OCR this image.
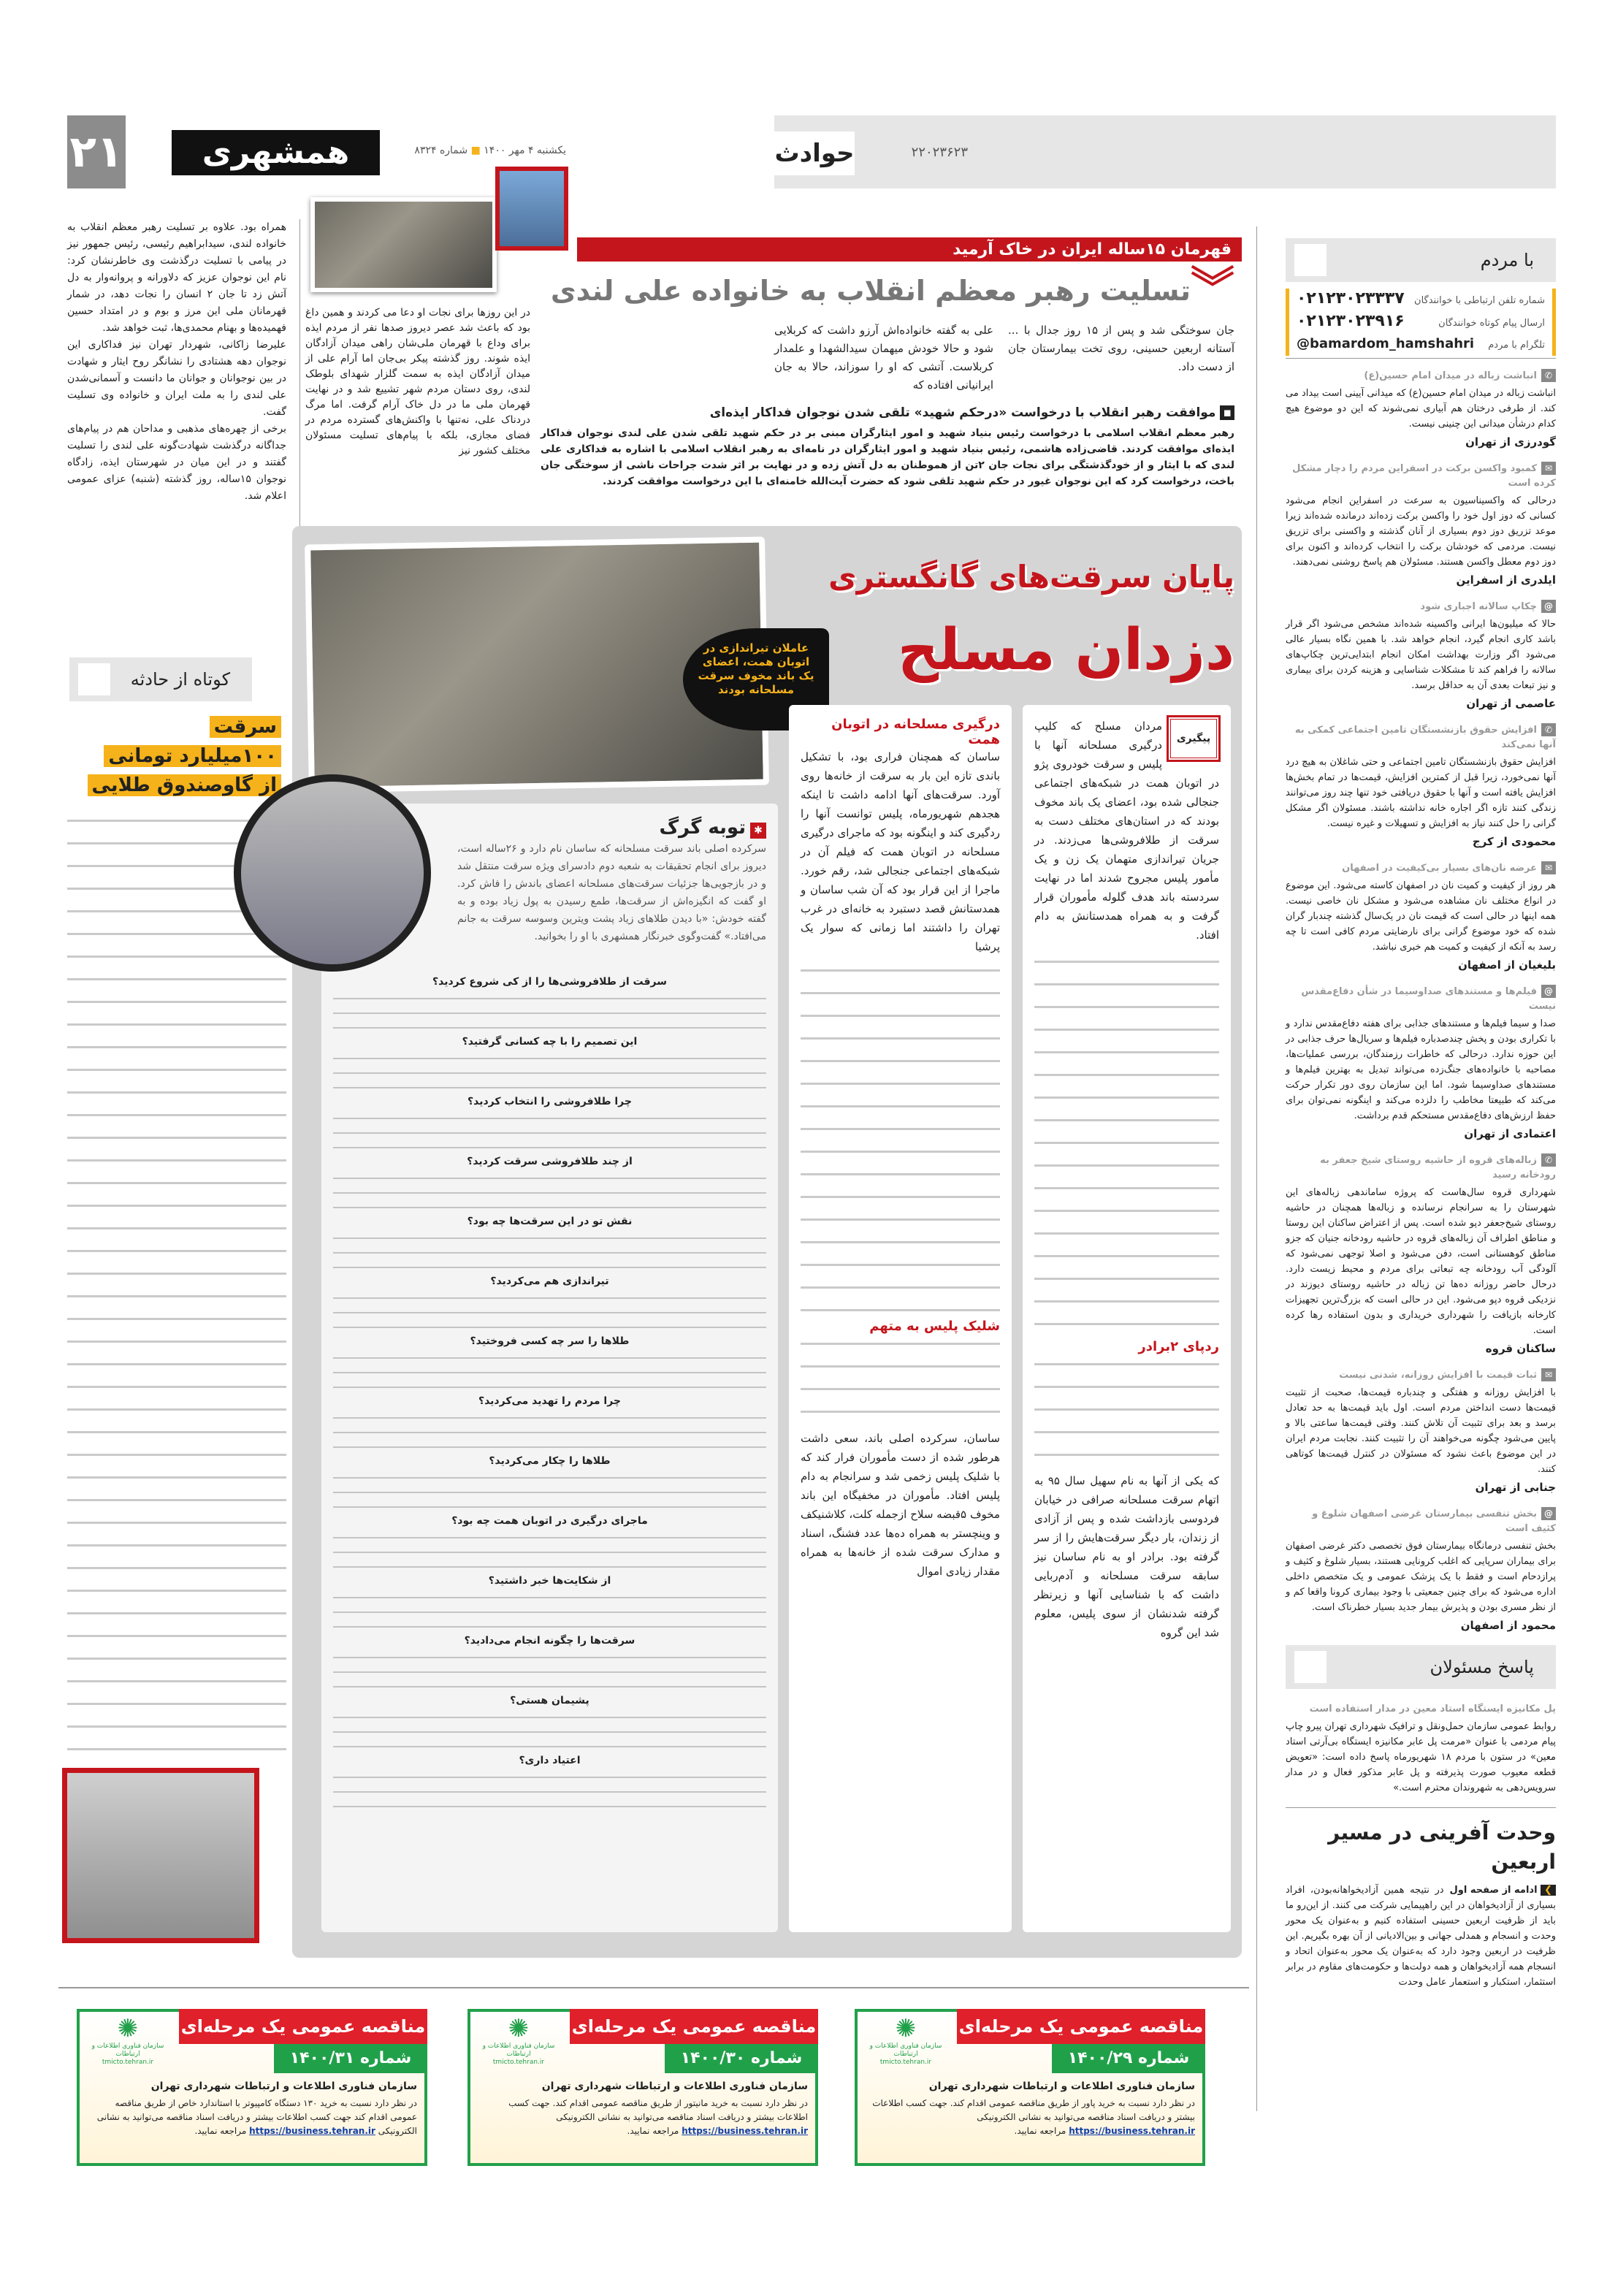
۲۱	همشهری	یکشنبه ۴ مهر ۱۴۰۰ ■ شماره ۸۳۲۴	حوادث	۲۲۰۲۳۶۲۳
قهرمان ۱۵ساله ایران در خاک آرمید
︾
تسلیت رهبر معظم انقلاب به خانواده علی لندی
جان سوختگی شد و پس از ۱۵ روز جدال با ... آستانه اربعین حسینی، روی تخت بیمارستان جان از دست داد.
علی به گفته خانواده‌اش آرزو داشت که کربلایی شود و حالا خودش میهمان سیدالشهدا و علمدار کربلاست. آتشی که او را سوزاند، حالا به جان ایرانیانی افتاده که
▪موافقت رهبر انقلاب با درخواست «درحکم شهید» تلقی شدن نوجوان فداکار ایذه‌ای
رهبر معظم انقلاب اسلامی با درخواست رئیس بنیاد شهید و امور ایثارگران مبنی بر در حکم شهید تلقی شدن علی لندی نوجوان فداکار ایذه‌ای موافقت کردند. قاضی‌زاده هاشمی، رئیس بنیاد شهید و امور ایثارگران در نامه‌ای به رهبر انقلاب اسلامی با اشاره به فداکاری علی لندی که با ایثار و از خودگذشتگی برای نجات جان ۲تن از هموطنان به دل آتش زده و در نهایت بر اثر شدت جراحات ناشی از سوختگی جان باخت، درخواست کرد که این نوجوان غیور در حکم شهید تلقی شود که حضرت آیت‌الله خامنه‌ای با این درخواست موافقت کردند.
در این روزها برای نجات او دعا می کردند و همین داغ بود که باعث شد عصر دیروز صدها نفر از مردم ایذه برای وداع با قهرمان ملی‌شان راهی میدان آزادگان ایذه شوند. روز گذشته پیکر بی‌جان اما آرام علی از میدان آزادگان ایذه به سمت گلزار شهدای بلوطک لندی، روی دستان مردم شهر تشییع شد و در نهایت قهرمان ملی ما در دل خاک آرام گرفت. اما مرگ دردناک علی، نه‌تنها با واکنش‌های گسترده مردم در فضای مجازی، بلکه با پیام‌های تسلیت مسئولان مختلف کشور نیز

همراه بود. علاوه بر تسلیت رهبر معظم انقلاب به خانواده لندی، سیدابراهیم رئیسی، رئیس جمهور نیز در پیامی با تسلیت درگذشت وی خاطرنشان کرد: نام این نوجوان عزیز که دلاورانه و پروانه‌وار به دل آتش زد تا جان ۲ انسان را نجات دهد، در شمار قهرمانان ملی این مرز و بوم و در امتداد حسین فهمیده‌ها و بهنام محمدی‌ها، ثبت خواهد شد.

علیرضا زاکانی، شهردار تهران نیز فداکاری این نوجوان دهه هشتادی را نشانگر روح ایثار و شهادت در بین نوجوانان و جوانان ما دانست و آسمانی‌شدن علی لندی را به ملت ایران و خانواده وی تسلیت گفت.

برخی از چهره‌های مذهبی و مداحان هم در پیام‌های جداگانه درگذشت شهادت‌گونه علی لندی را تسلیت گفتند و در این میان در شهرستان ایذه، زادگاه نوجوان ۱۵ساله، روز گذشته (شنبه) عزای عمومی اعلام شد.

کوتاه از حادثه
سرقت
۱۰۰میلیارد تومانی
از گاوصندوق طلایی
عاملان تیراندازی در اتوبان همت، اعضای یک باند مخوف سرقت مسلحانه بودند
پایان سرقت‌های گانگستری
دزدان مسلح
پیگیری

مردان مسلح که کلیپ درگیری مسلحانه آنها با پلیس و سرقت خودروی پژو در اتوبان همت در شبکه‌های اجتماعی جنجالی شده بود، اعضای یک باند مخوف بودند که در استان‌های مختلف دست به سرقت از طلافروشی‌ها می‌زدند. در جریان تیراندازی متهمان یک زن و یک مأمور پلیس مجروح شدند اما در نهایت سردسته باند هدف گلوله مأموران قرار گرفت و به همراه همدستانش به دام افتاد.

ردپای ۲برادر

که یکی از آنها به نام سهیل سال ۹۵ به اتهام سرقت مسلحانه صرافی در خیابان فردوسی بازداشت شده و پس از آزادی از زندان، بار دیگر سرقت‌هایش را از سر گرفته بود. برادر او به نام ساسان نیز سابقه سرقت مسلحانه و آدم‌ربایی داشت که با شناسایی آنها و زیرنظر گرفته شدنشان از سوی پلیس، معلوم شد این گروه

درگیری مسلحانه در اتوبان همت

ساسان که همچنان فراری بود، با تشکیل باندی تازه این بار به سرقت از خانه‌ها روی آورد. سرقت‌های آنها ادامه داشت تا اینکه هجدهم شهریورماه، پلیس توانست آنها را ردگیری کند و اینگونه بود که ماجرای درگیری مسلحانه در اتوبان همت که فیلم آن در شبکه‌های اجتماعی جنجالی شد، رقم خورد. ماجرا از این قرار بود که آن شب ساسان و همدستانش قصد دستبرد به خانه‌ای در غرب تهران را داشتند اما زمانی که سوار یک پرشیا

شلیک پلیس به متهم

ساسان، سرکرده اصلی باند، سعی داشت هرطور شده از دست مأموران فرار کند که با شلیک پلیس زخمی شد و سرانجام به دام پلیس افتاد. مأموران در مخفیگاه این باند مخوف ۵قبضه سلاح ازجمله کلت، کلاشنیکف و وینچستر به همراه ده‌ها عدد فشنگ، اسناد و مدارک سرقت شده از خانه‌ها به همراه مقدار زیادی اموال

✱توبه گرگ

سرکرده اصلی باند سرقت مسلحانه که ساسان نام دارد و ۲۶ساله است، دیروز برای انجام تحقیقات به شعبه دوم دادسرای ویژه سرقت منتقل شد و در بازجویی‌ها جزئیات سرقت‌های مسلحانه اعضای باندش را فاش کرد. او گفت که انگیزه‌اش از سرقت‌ها، طمع رسیدن به پول زیاد بوده و به گفته خودش: «با دیدن طلاهای زیاد پشت ویترین وسوسه سرقت به جانم می‌افتاد.» گفت‌وگوی خبرنگار همشهری با او را بخوانید.

سرقت از طلافروشی‌ها را از کی شروع کردید؟
این تصمیم را با چه کسانی گرفتید؟
چرا طلافروشی را انتخاب کردید؟
از چند طلافروشی سرقت کردید؟
نقش تو در این سرقت‌ها چه بود؟
تیراندازی هم می‌کردید؟
طلاها را سر چه کسی فروختید؟
چرا مردم را تهدید می‌کردید؟
طلاها را چکار می‌کردید؟
ماجرای درگیری در اتوبان همت چه بود؟
از شکایت‌ها خبر داشتید؟
سرقت‌ها را چگونه انجام می‌دادید؟
پشیمان هستی؟
اعتیاد داری؟
با مردم
شماره تلفن ارتباطی با خوانندگان
۰۲۱۲۳۰۲۳۳۳۷
ارسال پیام کوتاه خوانندگان
۰۲۱۲۳۰۲۳۹۱۶
تلگرام با مردم
@bamardom_hamshahri
✆انباشت زباله در میدان امام حسین(ع)

انباشت زباله در میدان امام حسین(ع) که میدانی آیینی است بیداد می کند. از طرفی درختان هم آبیاری نمی‌شوند که این دو موضوع هیچ کدام درشأن میدانی این چنینی نیست.

گودرزی از تهران
✉کمبود واکسن برکت در اسفراین مردم را دچار مشکل کرده است

درحالی که واکسیناسیون به سرعت در اسفراین انجام می‌شود کسانی که دوز اول خود را واکسن برکت زده‌اند درمانده شده‌اند زیرا موعد تزریق دوز دوم بسیاری از آنان گذشته و واکسنی برای تزریق نیست. مردمی که خودشان برکت را انتخاب کرده‌اند و اکنون برای دوز دوم معطل واکسن هستند. مسئولان هم پاسخ روشنی نمی‌دهند.

ایلدری از اسفراین
@چکاپ سالانه اجباری شود

حالا که میلیون‌ها ایرانی واکسینه شده‌اند مشخص می‌شود اگر قرار باشد کاری انجام گیرد، انجام خواهد شد. با همین نگاه بسیار عالی می‌شود اگر وزارت بهداشت امکان انجام ابتدایی‌ترین چکاپ‌های سالانه را فراهم کند تا مشکلات شناسایی و هزینه کردن برای بیماری و نیز تبعات بعدی آن به حداقل برسد.

عاصمی از تهران
✆افزایش حقوق بازنشستگان تامین اجتماعی کمکی به آنها نمی‌کند

افزایش حقوق بازنشستگان تامین اجتماعی و حتی شاغلان به هیچ درد آنها نمی‌خورد، زیرا قبل از کمترین افزایش، قیمت‌ها در تمام بخش‌ها افزایش یافته است و آنها با حقوق دریافتی خود تنها چند روز می‌توانند زندگی کنند تازه اگر اجاره خانه نداشته باشند. مسئولان اگر مشکل گرانی را حل کنند نیاز به افزایش و تسهیلات و غیره نیست.

محمودی از کرج
✉عرضه نان‌های بسیار بی‌کیفیت در اصفهان

هر روز از کیفیت و کمیت نان در اصفهان کاسته می‌شود. این موضوع در انواع مختلف نان مشاهده می‌شود و مشکل نان خاصی نیست. همه اینها در حالی است که قیمت نان در یک‌سال گذشته چندبار گران شده که خود موضوع گرانی برای نارضایتی مردم کافی است تا چه رسد به آنکه از کیفیت و کمیت هم خبری نباشد.

بلیغیان از اصفهان
@فیلم‌ها و مستندهای صداوسیما در شأن دفاع‌مقدس نیست

صدا و سیما فیلم‌ها و مستندهای جذابی برای هفته دفاع‌مقدس ندارد و با تکراری بودن و پخش چندصدباره فیلم‌ها و سریال‌ها حرف جذابی در این حوزه ندارد. درحالی که خاطرات رزمندگان، بررسی عملیات‌ها، مصاحبه با خانواده‌های جنگ‌زده می‌تواند تبدیل به بهترین فیلم‌ها و مستندهای صداوسیما شود. اما این سازمان روی دور تکرار حرکت می‌کند که طبیعتا مخاطب را دلزده می‌کند و اینگونه نمی‌توان برای حفظ ارزش‌های دفاع‌مقدس مستحکم قدم برداشت.

اعتمادی از تهران
✆زباله‌های قروه از حاشیه روستای شیخ جعفر به رودخانه رسید

شهرداری قروه سال‌هاست که پروژه ساماندهی زباله‌های این شهرستان را به سرانجام نرسانده و زباله‌ها همچنان در حاشیه روستای شیخ‌جعفر دپو شده است. پس از اعتراض ساکنان این روستا و مناطق اطراف آن زباله‌های قروه در حاشیه رودخانه جنیان که جزو مناطق کوهستانی است، دفن می‌شود و اصلا توجهی نمی‌شود که آلودگی آب رودخانه چه تبعاتی برای مردم و محیط زیست دارد. درحال حاضر روزانه ده‌ها تن زباله در حاشیه روستای دیوزند در نزدیکی قروه دپو می‌شود. این در حالی است که بزرگ‌ترین تجهیزات کارخانه بازیافت را شهرداری خریداری و بدون استفاده رها کرده است.

ساکنان قروه
✉ثبات قیمت با افزایش روزانه، شدنی نیست

با افزایش روزانه و هفتگی و چندباره قیمت‌ها، صحبت از تثبیت قیمت‌ها دست انداختن مردم است. اول باید قیمت‌ها به حد تعادل برسد و بعد برای تثبیت آن تلاش کنند. وقتی قیمت‌ها ساعتی بالا و پایین می‌شود چگونه می‌خواهند آن را تثبیت کنند. نجابت مردم ایران در این موضوع باعث نشود که مسئولان در کنترل قیمت‌ها کوتاهی کنند.

جنابی از تهران
@بخش تنفسی بیمارستان غرضی اصفهان شلوغ و کثیف است

بخش تنفسی درمانگاه بیمارستان فوق تخصصی دکتر غرضی اصفهان برای بیماران سرپایی که اغلب کرونایی هستند، بسیار شلوغ و کثیف و پرازدحام است و فقط با یک پزشک عمومی و یک متخصص داخلی اداره می‌شود که برای چنین جمعیتی با وجود بیماری کرونا واقعا کم و از نظر مسری بودن و پذیرش بیمار جدید بسیار خطرناک است.

محمود از اصفهان
پاسخ مسئولان
پل مکانیزه ایستگاه استاد معین در مدار استفاده است

روابط عمومی سازمان حمل‌ونقل و ترافیک شهرداری تهران پیرو چاپ پیام مردمی با عنوان «مرمت پل عابر مکانیزه ایستگاه بی‌آرتی استاد معین» در ستون با مردم ۱۸ شهریورماه پاسخ داده است: «تعویض قطعه معیوب صورت پذیرفته و پل عابر مذکور فعال و در مدار سرویس‌دهی به شهروندان محترم است.»

وحدت آفرینی در مسیر اربعین
❯ ادامه از صفحه اول
در نتیجه همین آزادیخواهانه‌بودن، افراد بسیاری از آزادیخواهان در این راهپیمایی شرکت می کنند. از این‌رو ما باید از ظرفیت اربعین حسینی استفاده کنیم و به‌عنوان یک محور وحدت و انسجام و همدلی جهانی و بین‌الادیانی از آن بهره بگیریم. این ظرفیت در اربعین وجود دارد که به‌عنوان یک محور به‌عنوان اتحاد و انسجام همه آزادیخواهان و همه دولت‌ها و حکومت‌های مقاوم در برابر استثمار، استکبار و استعمار عامل وحدت
مناقصه عمومی یک مرحله‌ای
شماره ۱۴۰۰/۲۹
✺
سازمان فناوری اطلاعات و ارتباطات
tmicto.tehran.ir
سازمان فناوری اطلاعات و ارتباطات شهرداری تهران
در نظر دارد نسبت به خرید پاور از طریق مناقصه عمومی اقدام کند. جهت کسب اطلاعات بیشتر و دریافت اسناد مناقصه می‌توانید به نشانی الکترونیکی https://business.tehran.ir مراجعه نمایید.
مناقصه عمومی یک مرحله‌ای
شماره ۱۴۰۰/۳۰
✺
سازمان فناوری اطلاعات و ارتباطات
tmicto.tehran.ir
سازمان فناوری اطلاعات و ارتباطات شهرداری تهران
در نظر دارد نسبت به خرید مانیتور از طریق مناقصه عمومی اقدام کند. جهت کسب اطلاعات بیشتر و دریافت اسناد مناقصه می‌توانید به نشانی الکترونیکی https://business.tehran.ir مراجعه نمایید.
مناقصه عمومی یک مرحله‌ای
شماره ۱۴۰۰/۳۱
✺
سازمان فناوری اطلاعات و ارتباطات
tmicto.tehran.ir
سازمان فناوری اطلاعات و ارتباطات شهرداری تهران
در نظر دارد نسبت به خرید ۱۳۰ دستگاه کامپیوتر با استاندارد خاص از طریق مناقصه عمومی اقدام کند جهت کسب اطلاعات بیشتر و دریافت اسناد مناقصه می‌توانید به نشانی الکترونیکی https://business.tehran.ir مراجعه نمایید.
